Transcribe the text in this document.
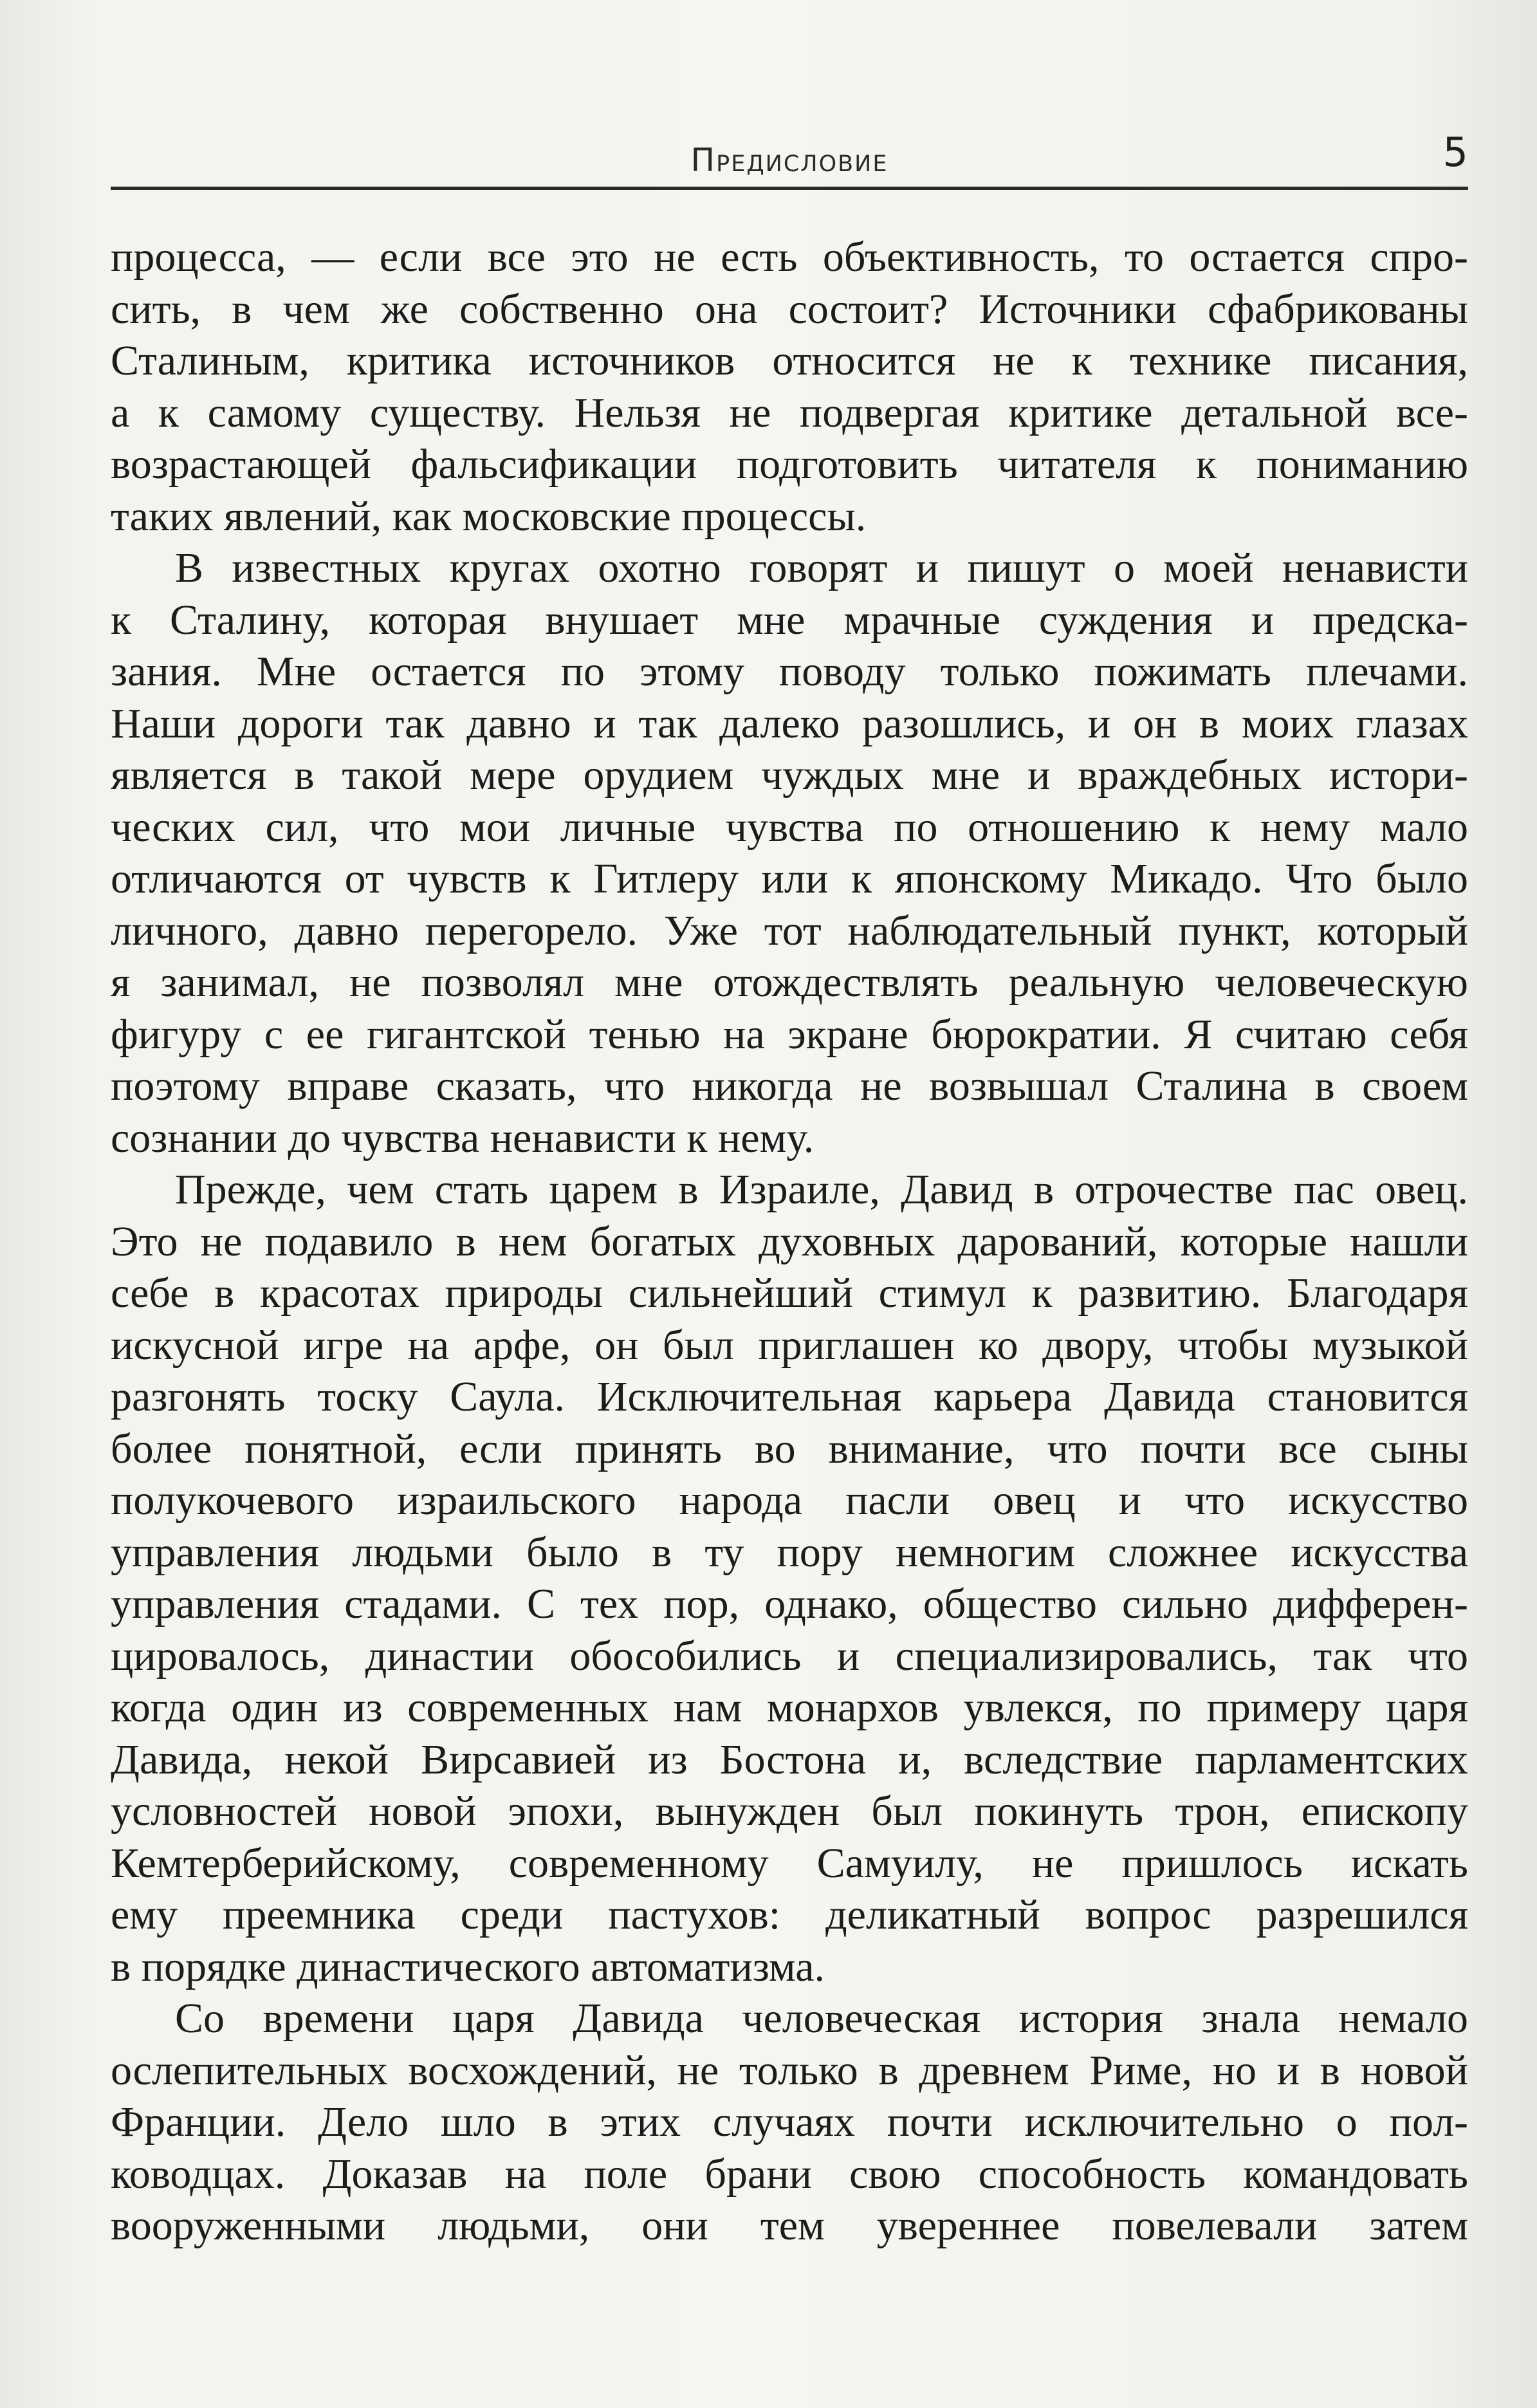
Предисловие	5
процесса, — если все это не есть объективность, то остается спро-
сить, в чем же собственно она состоит? Источники сфабрикованы
Сталиным, критика источников относится не к технике писания,
а к самому существу. Нельзя не подвергая критике детальной все-
возрастающей фальсификации подготовить читателя к пониманию
таких явлений, как московские процессы.
В известных кругах охотно говорят и пишут о моей ненависти
к Сталину, которая внушает мне мрачные суждения и предска-
зания. Мне остается по этому поводу только пожимать плечами.
Наши дороги так давно и так далеко разошлись, и он в моих глазах
является в такой мере орудием чуждых мне и враждебных истори-
ческих сил, что мои личные чувства по отношению к нему мало
отличаются от чувств к Гитлеру или к японскому Микадо. Что было
личного, давно перегорело. Уже тот наблюдательный пункт, который
я занимал, не позволял мне отождествлять реальную человеческую
фигуру с ее гигантской тенью на экране бюрократии. Я считаю себя
поэтому вправе сказать, что никогда не возвышал Сталина в своем
сознании до чувства ненависти к нему.
Прежде, чем стать царем в Израиле, Давид в отрочестве пас овец.
Это не подавило в нем богатых духовных дарований, которые нашли
себе в красотах природы сильнейший стимул к развитию. Благодаря
искусной игре на арфе, он был приглашен ко двору, чтобы музыкой
разгонять тоску Саула. Исключительная карьера Давида становится
более понятной, если принять во внимание, что почти все сыны
полукочевого израильского народа пасли овец и что искусство
управления людьми было в ту пору немногим сложнее искусства
управления стадами. С тех пор, однако, общество сильно дифферен-
цировалось, династии обособились и специализировались, так что
когда один из современных нам монархов увлекся, по примеру царя
Давида, некой Вирсавией из Бостона и, вследствие парламентских
условностей новой эпохи, вынужден был покинуть трон, епископу
Кемтерберийскому, современному Самуилу, не пришлось искать
ему преемника среди пастухов: деликатный вопрос разрешился
в порядке династического автоматизма.
Со времени царя Давида человеческая история знала немало
ослепительных восхождений, не только в древнем Риме, но и в новой
Франции. Дело шло в этих случаях почти исключительно о пол-
ководцах. Доказав на поле брани свою способность командовать
вооруженными людьми, они тем увереннее повелевали затем
